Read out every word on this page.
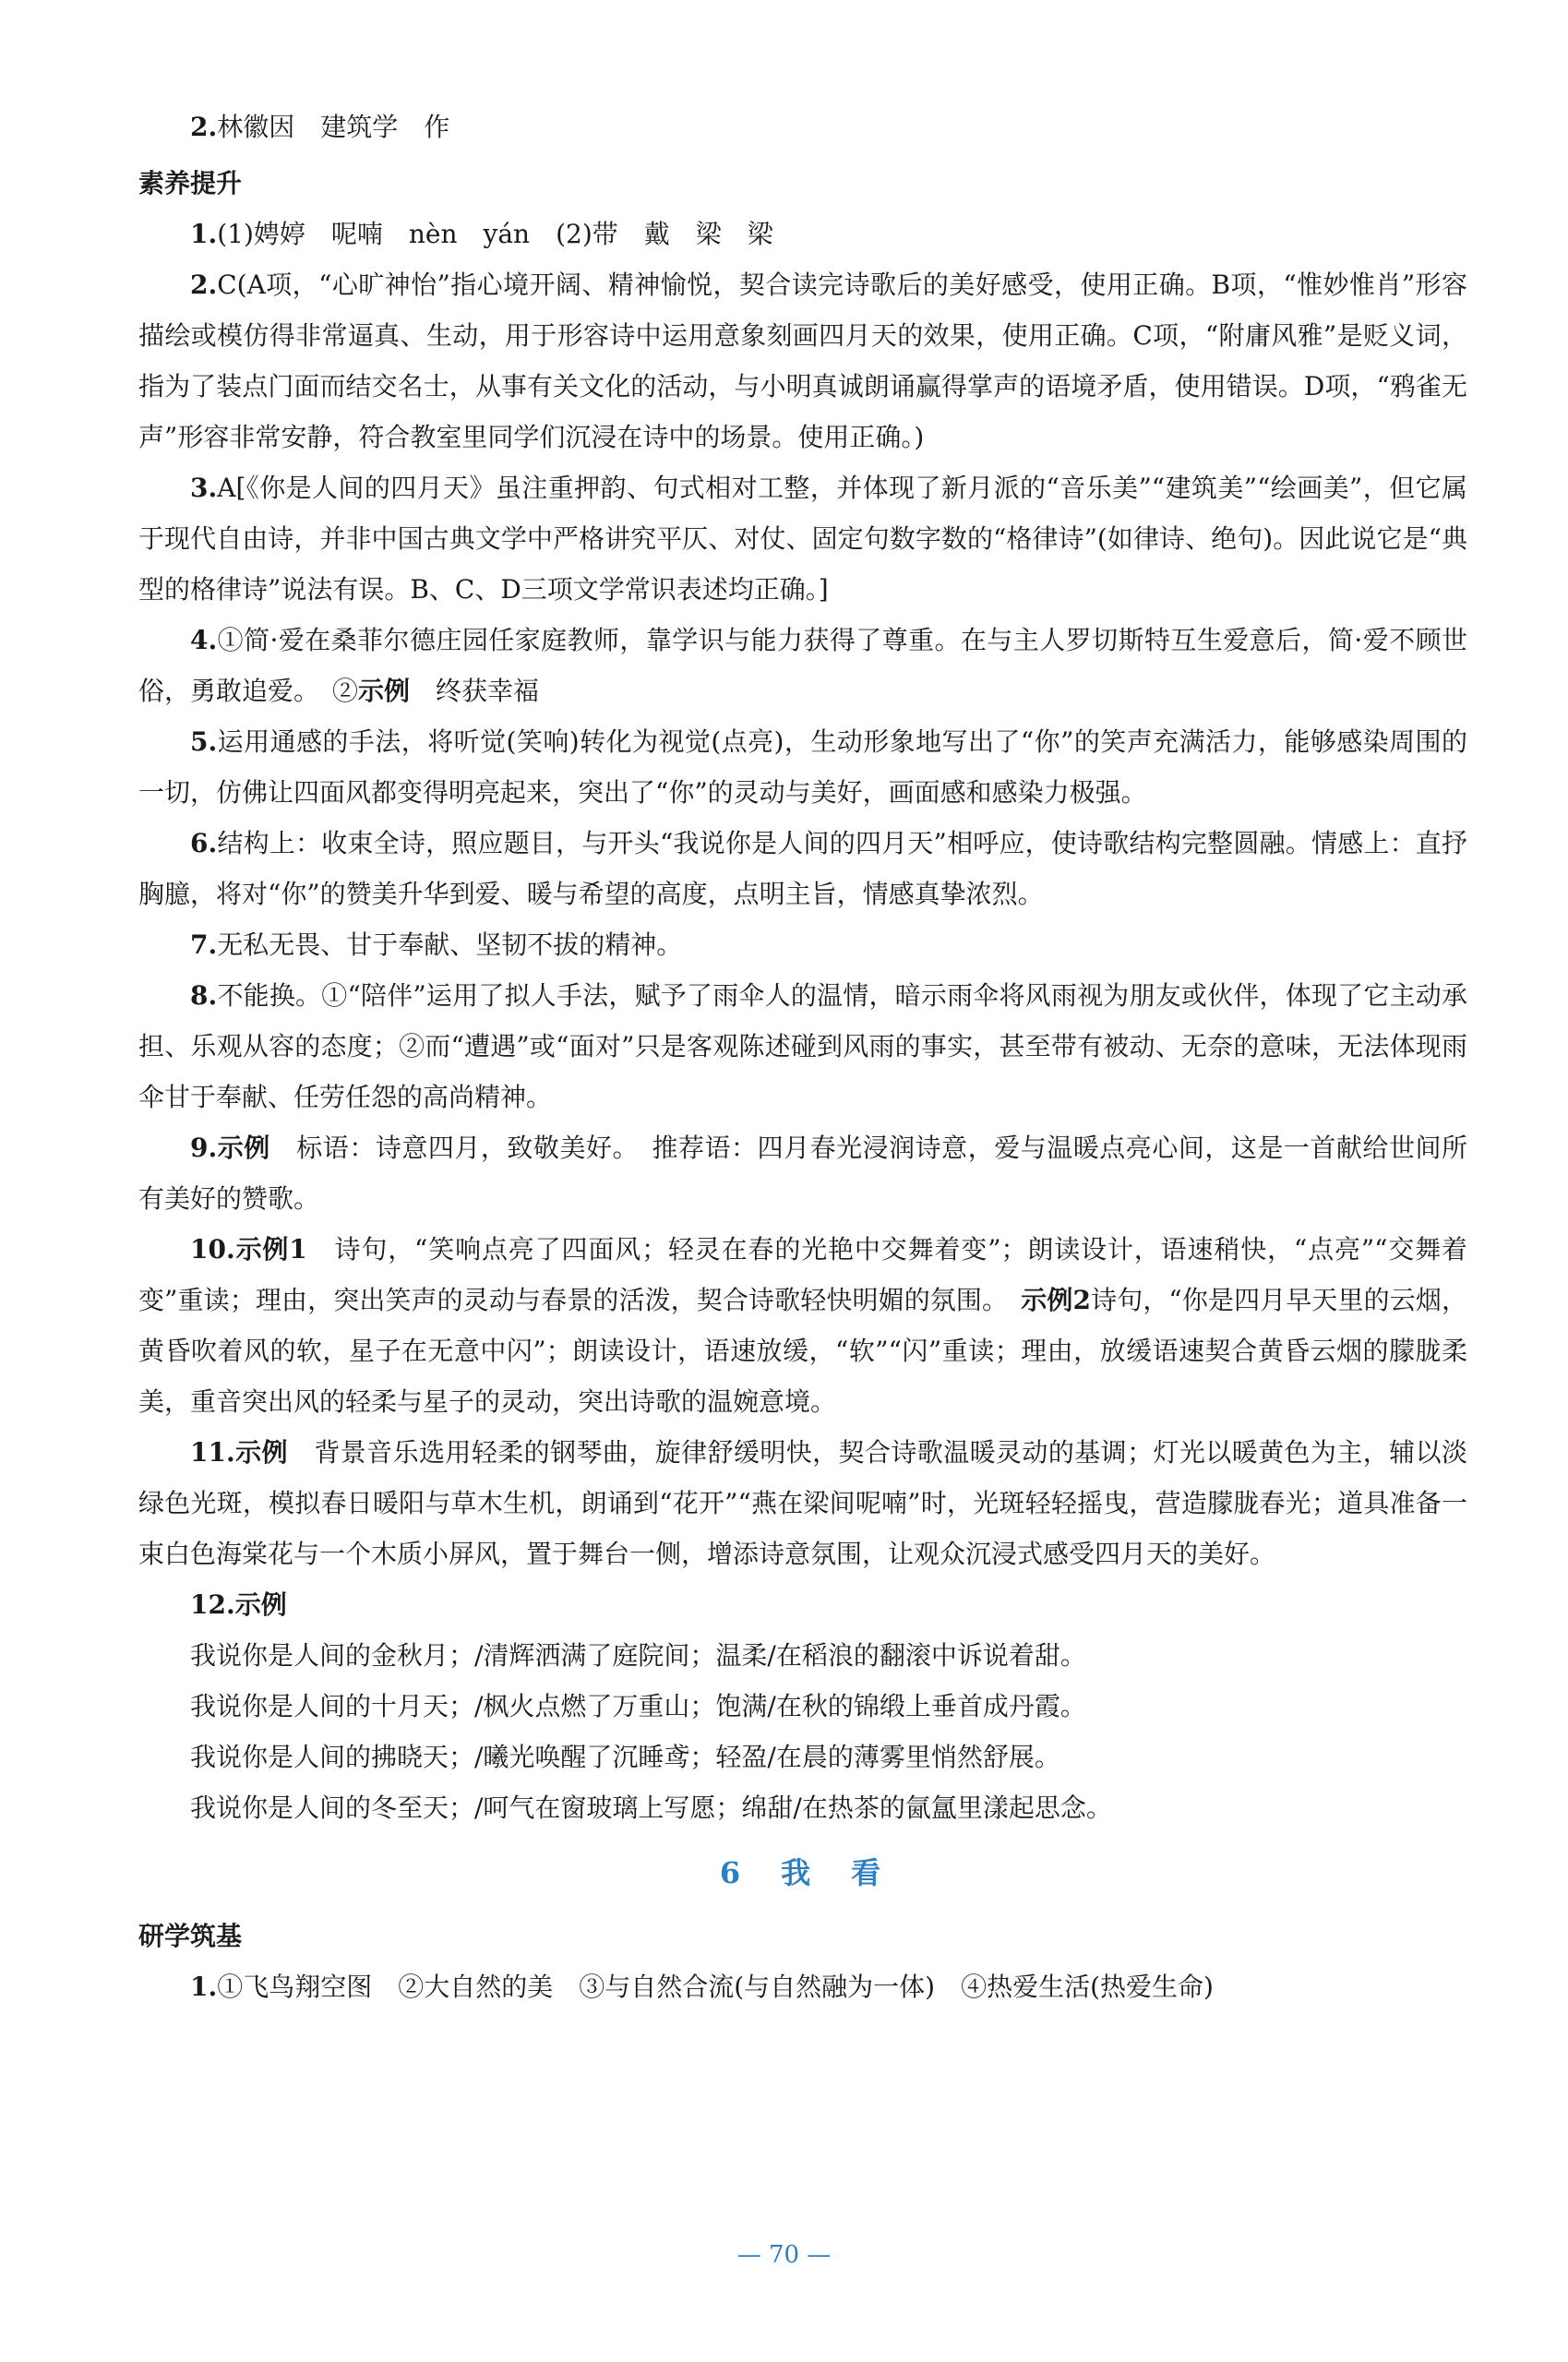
2.林徽因　建筑学　作

素养提升

1.(1)娉婷　呢喃　nèn　yán　(2)带　戴　梁　梁

2.C(A项，“心旷神怡”指心境开阔、精神愉悦，契合读完诗歌后的美好感受，使用正确。B项，“惟妙惟肖”形容描绘或模仿得非常逼真、生动，用于形容诗中运用意象刻画四月天的效果，使用正确。C项，“附庸风雅”是贬义词，指为了装点门面而结交名士，从事有关文化的活动，与小明真诚朗诵赢得掌声的语境矛盾，使用错误。D项，“鸦雀无声”形容非常安静，符合教室里同学们沉浸在诗中的场景。使用正确。)

3.A[《你是人间的四月天》虽注重押韵、句式相对工整，并体现了新月派的“音乐美”“建筑美”“绘画美”，但它属于现代自由诗，并非中国古典文学中严格讲究平仄、对仗、固定句数字数的“格律诗”(如律诗、绝句)。因此说它是“典型的格律诗”说法有误。B、C、D三项文学常识表述均正确。]

4.①简·爱在桑菲尔德庄园任家庭教师，靠学识与能力获得了尊重。在与主人罗切斯特互生爱意后，简·爱不顾世俗，勇敢追爱。　②示例　终获幸福

5.运用通感的手法，将听觉(笑响)转化为视觉(点亮)，生动形象地写出了“你”的笑声充满活力，能够感染周围的一切，仿佛让四面风都变得明亮起来，突出了“你”的灵动与美好，画面感和感染力极强。

6.结构上：收束全诗，照应题目，与开头“我说你是人间的四月天”相呼应，使诗歌结构完整圆融。情感上：直抒胸臆，将对“你”的赞美升华到爱、暖与希望的高度，点明主旨，情感真挚浓烈。

7.无私无畏、甘于奉献、坚韧不拔的精神。

8.不能换。①“陪伴”运用了拟人手法，赋予了雨伞人的温情，暗示雨伞将风雨视为朋友或伙伴，体现了它主动承担、乐观从容的态度；②而“遭遇”或“面对”只是客观陈述碰到风雨的事实，甚至带有被动、无奈的意味，无法体现雨伞甘于奉献、任劳任怨的高尚精神。

9.示例　标语：诗意四月，致敬美好。　推荐语：四月春光浸润诗意，爱与温暖点亮心间，这是一首献给世间所有美好的赞歌。

10.示例1　诗句，“笑响点亮了四面风；轻灵在春的光艳中交舞着变”；朗读设计，语速稍快，“点亮”“交舞着变”重读；理由，突出笑声的灵动与春景的活泼，契合诗歌轻快明媚的氛围。　示例2诗句，“你是四月早天里的云烟，黄昏吹着风的软，星子在无意中闪”；朗读设计，语速放缓，“软”“闪”重读；理由，放缓语速契合黄昏云烟的朦胧柔美，重音突出风的轻柔与星子的灵动，突出诗歌的温婉意境。

11.示例　背景音乐选用轻柔的钢琴曲，旋律舒缓明快，契合诗歌温暖灵动的基调；灯光以暖黄色为主，辅以淡绿色光斑，模拟春日暖阳与草木生机，朗诵到“花开”“燕在梁间呢喃”时，光斑轻轻摇曳，营造朦胧春光；道具准备一束白色海棠花与一个木质小屏风，置于舞台一侧，增添诗意氛围，让观众沉浸式感受四月天的美好。

12.示例

我说你是人间的金秋月；/清辉洒满了庭院间；温柔/在稻浪的翻滚中诉说着甜。

我说你是人间的十月天；/枫火点燃了万重山；饱满/在秋的锦缎上垂首成丹霞。

我说你是人间的拂晓天；/曦光唤醒了沉睡鸢；轻盈/在晨的薄雾里悄然舒展。

我说你是人间的冬至天；/呵气在窗玻璃上写愿；绵甜/在热茶的氤氲里漾起思念。

6　我　看
研学筑基

1.①飞鸟翔空图　②大自然的美　③与自然合流(与自然融为一体)　④热爱生活(热爱生命)

— 70 —
